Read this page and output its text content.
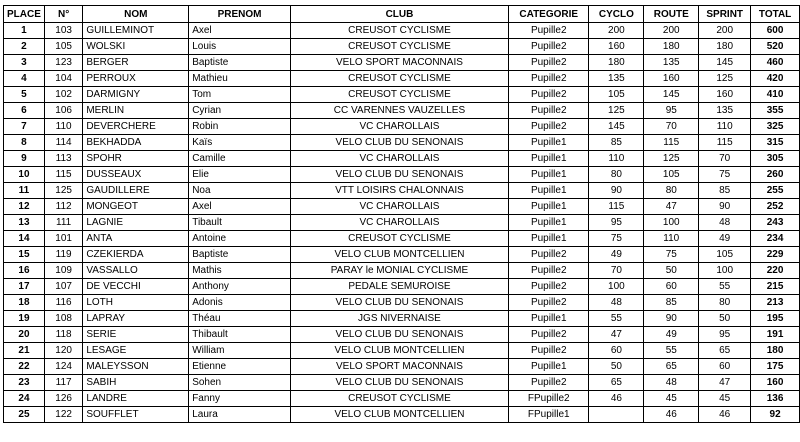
PLACE	N°	NOM	PRENOM	CLUB	CATEGORIE	CYCLO	ROUTE	SPRINT	TOTAL
1	103	GUILLEMINOT	Axel	CREUSOT CYCLISME	Pupille2	200	200	200	600
2	105	WOLSKI	Louis	CREUSOT CYCLISME	Pupille2	160	180	180	520
3	123	BERGER	Baptiste	VELO SPORT MACONNAIS	Pupille2	180	135	145	460
4	104	PERROUX	Mathieu	CREUSOT CYCLISME	Pupille2	135	160	125	420
5	102	DARMIGNY	Tom	CREUSOT CYCLISME	Pupille2	105	145	160	410
6	106	MERLIN	Cyrian	CC VARENNES VAUZELLES	Pupille2	125	95	135	355
7	110	DEVERCHERE	Robin	VC CHAROLLAIS	Pupille2	145	70	110	325
8	114	BEKHADDA	Kaïs	VELO CLUB DU SENONAIS	Pupille1	85	115	115	315
9	113	SPOHR	Camille	VC CHAROLLAIS	Pupille1	110	125	70	305
10	115	DUSSEAUX	Elie	VELO CLUB DU SENONAIS	Pupille1	80	105	75	260
11	125	GAUDILLERE	Noa	VTT LOISIRS CHALONNAIS	Pupille1	90	80	85	255
12	112	MONGEOT	Axel	VC CHAROLLAIS	Pupille1	115	47	90	252
13	111	LAGNIE	Tibault	VC CHAROLLAIS	Pupille1	95	100	48	243
14	101	ANTA	Antoine	CREUSOT CYCLISME	Pupille1	75	110	49	234
15	119	CZEKIERDA	Baptiste	VELO CLUB MONTCELLIEN	Pupille2	49	75	105	229
16	109	VASSALLO	Mathis	PARAY le MONIAL CYCLISME	Pupille2	70	50	100	220
17	107	DE VECCHI	Anthony	PEDALE SEMUROISE	Pupille2	100	60	55	215
18	116	LOTH	Adonis	VELO CLUB DU SENONAIS	Pupille2	48	85	80	213
19	108	LAPRAY	Théau	JGS NIVERNAISE	Pupille1	55	90	50	195
20	118	SERIE	Thibault	VELO CLUB DU SENONAIS	Pupille2	47	49	95	191
21	120	LESAGE	William	VELO CLUB MONTCELLIEN	Pupille2	60	55	65	180
22	124	MALEYSSON	Etienne	VELO SPORT MACONNAIS	Pupille1	50	65	60	175
23	117	SABIH	Sohen	VELO CLUB DU SENONAIS	Pupille2	65	48	47	160
24	126	LANDRE	Fanny	CREUSOT CYCLISME	FPupille2	46	45	45	136
25	122	SOUFFLET	Laura	VELO CLUB MONTCELLIEN	FPupille1		46	46	92
